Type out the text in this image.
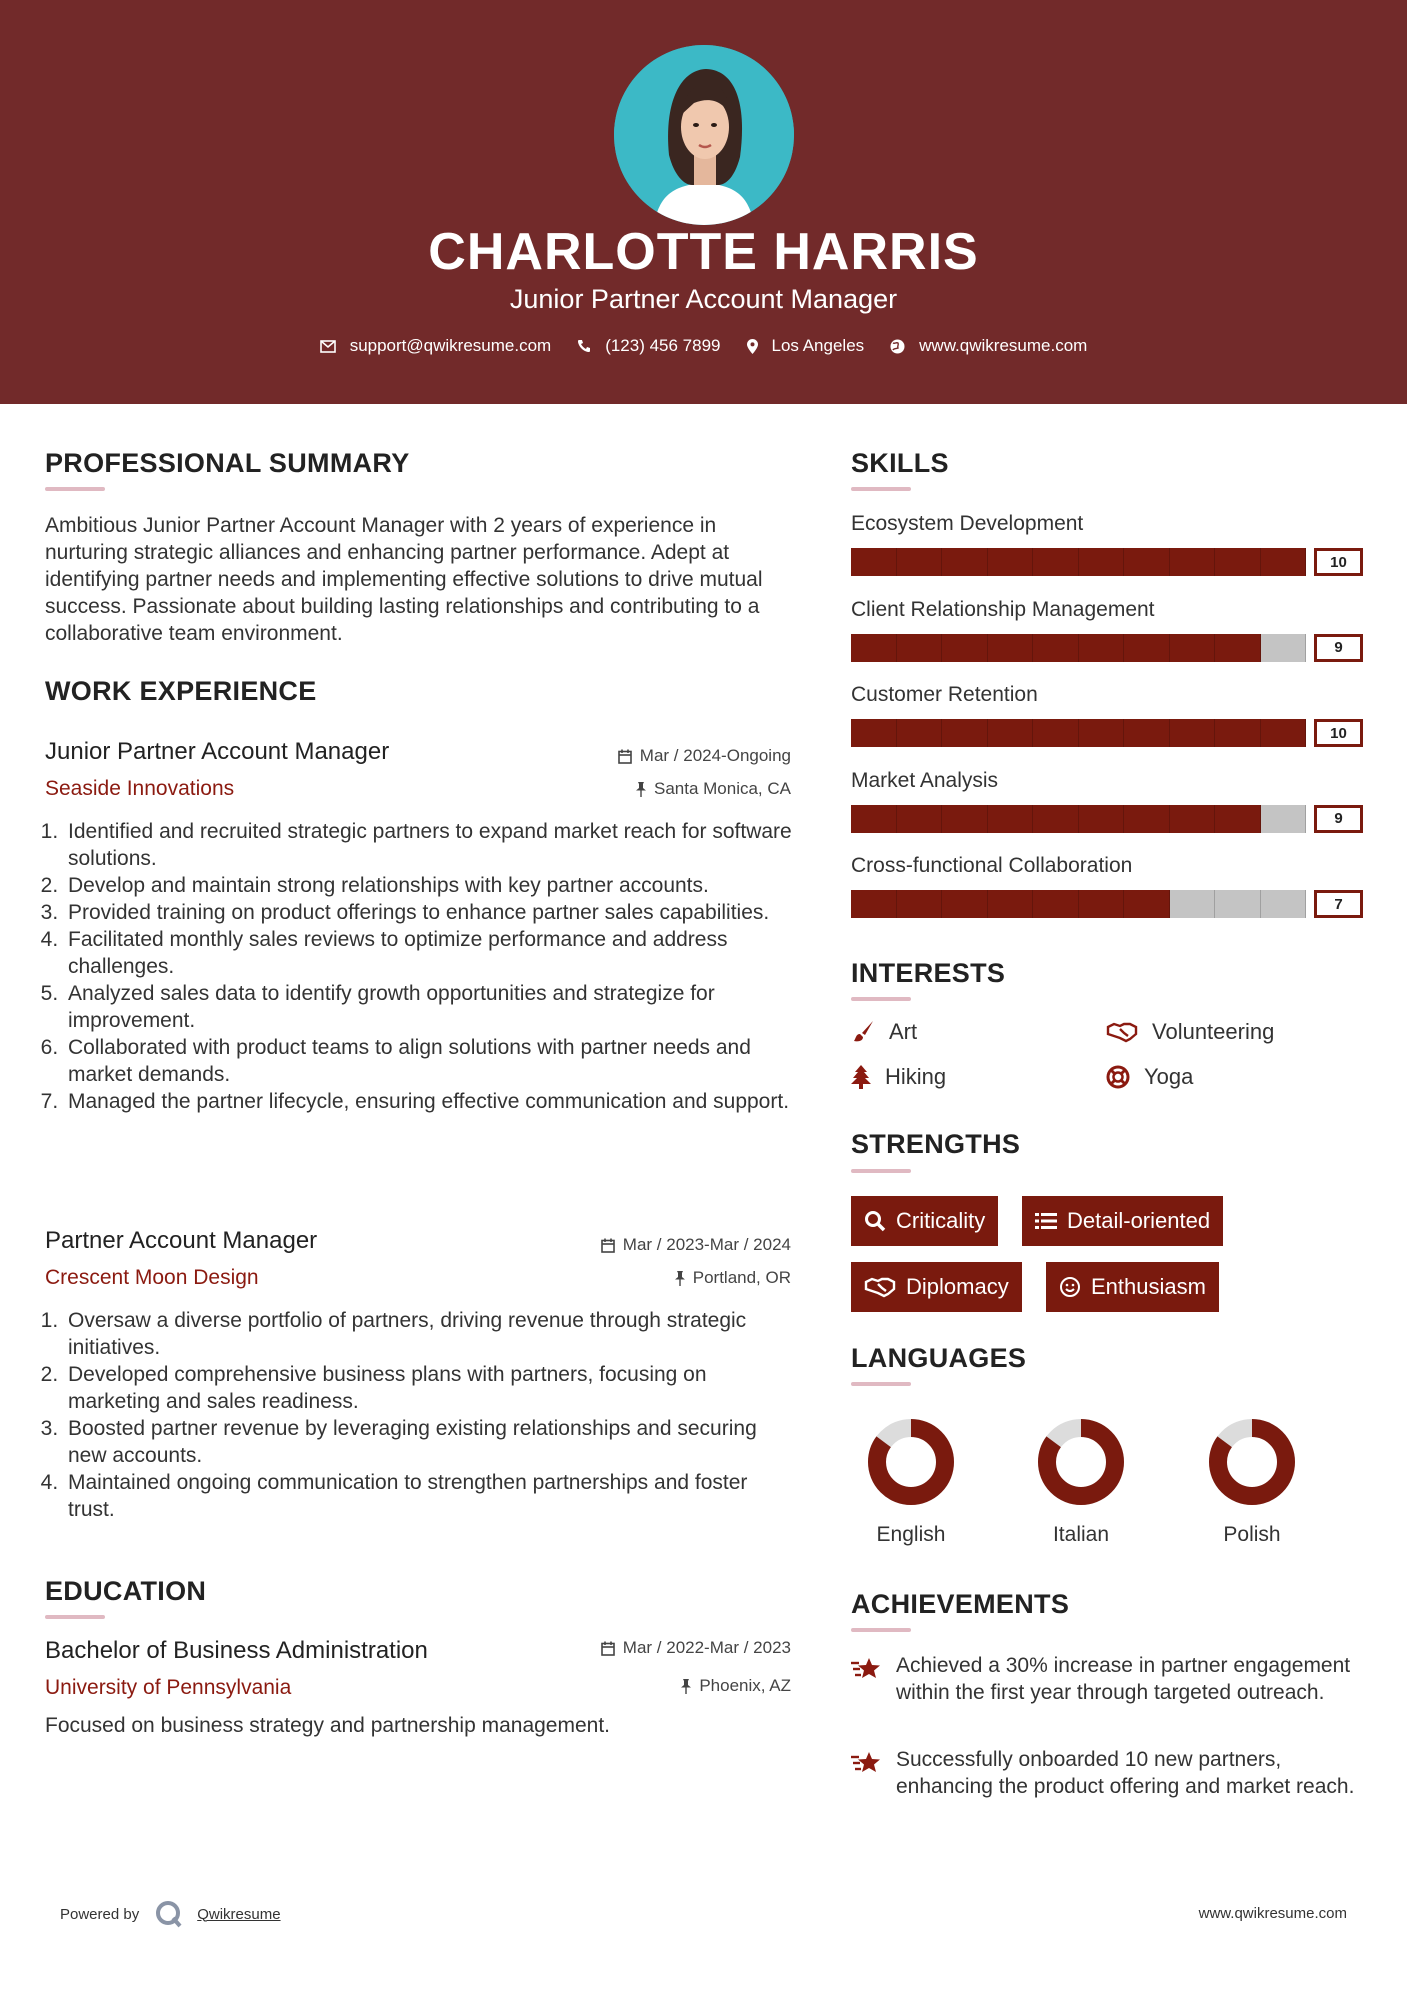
CHARLOTTE HARRIS
Junior Partner Account Manager
support@qwikresume.com	(123) 456 7899	Los Angeles	www.qwikresume.com
PROFESSIONAL SUMMARY
Ambitious Junior Partner Account Manager with 2 years of experience in nurturing strategic alliances and enhancing partner performance. Adept at identifying partner needs and implementing effective solutions to drive mutual success. Passionate about building lasting relationships and contributing to a collaborative team environment.
WORK EXPERIENCE
Junior Partner Account Manager	Mar / 2024-Ongoing
Seaside Innovations	Santa Monica, CA
1. Identified and recruited strategic partners to expand market reach for software solutions.
2. Develop and maintain strong relationships with key partner accounts.
3. Provided training on product offerings to enhance partner sales capabilities.
4. Facilitated monthly sales reviews to optimize performance and address challenges.
5. Analyzed sales data to identify growth opportunities and strategize for improvement.
6. Collaborated with product teams to align solutions with partner needs and market demands.
7. Managed the partner lifecycle, ensuring effective communication and support.
Partner Account Manager	Mar / 2023-Mar / 2024
Crescent Moon Design	Portland, OR
1. Oversaw a diverse portfolio of partners, driving revenue through strategic initiatives.
2. Developed comprehensive business plans with partners, focusing on marketing and sales readiness.
3. Boosted partner revenue by leveraging existing relationships and securing new accounts.
4. Maintained ongoing communication to strengthen partnerships and foster trust.
EDUCATION
Bachelor of Business Administration	Mar / 2022-Mar / 2023
University of Pennsylvania	Phoenix, AZ
Focused on business strategy and partnership management.
SKILLS
Ecosystem Development
10
Client Relationship Management
9
Customer Retention
10
Market Analysis
9
Cross-functional Collaboration
7
INTERESTS
Art	Volunteering
Hiking	Yoga
STRENGTHS
Criticality	Detail-oriented
Diplomacy	Enthusiasm
LANGUAGES
English	Italian	Polish
ACHIEVEMENTS
Achieved a 30% increase in partner engagement within the first year through targeted outreach.
Successfully onboarded 10 new partners, enhancing the product offering and market reach.
Powered by	Qwikresume	www.qwikresume.com
